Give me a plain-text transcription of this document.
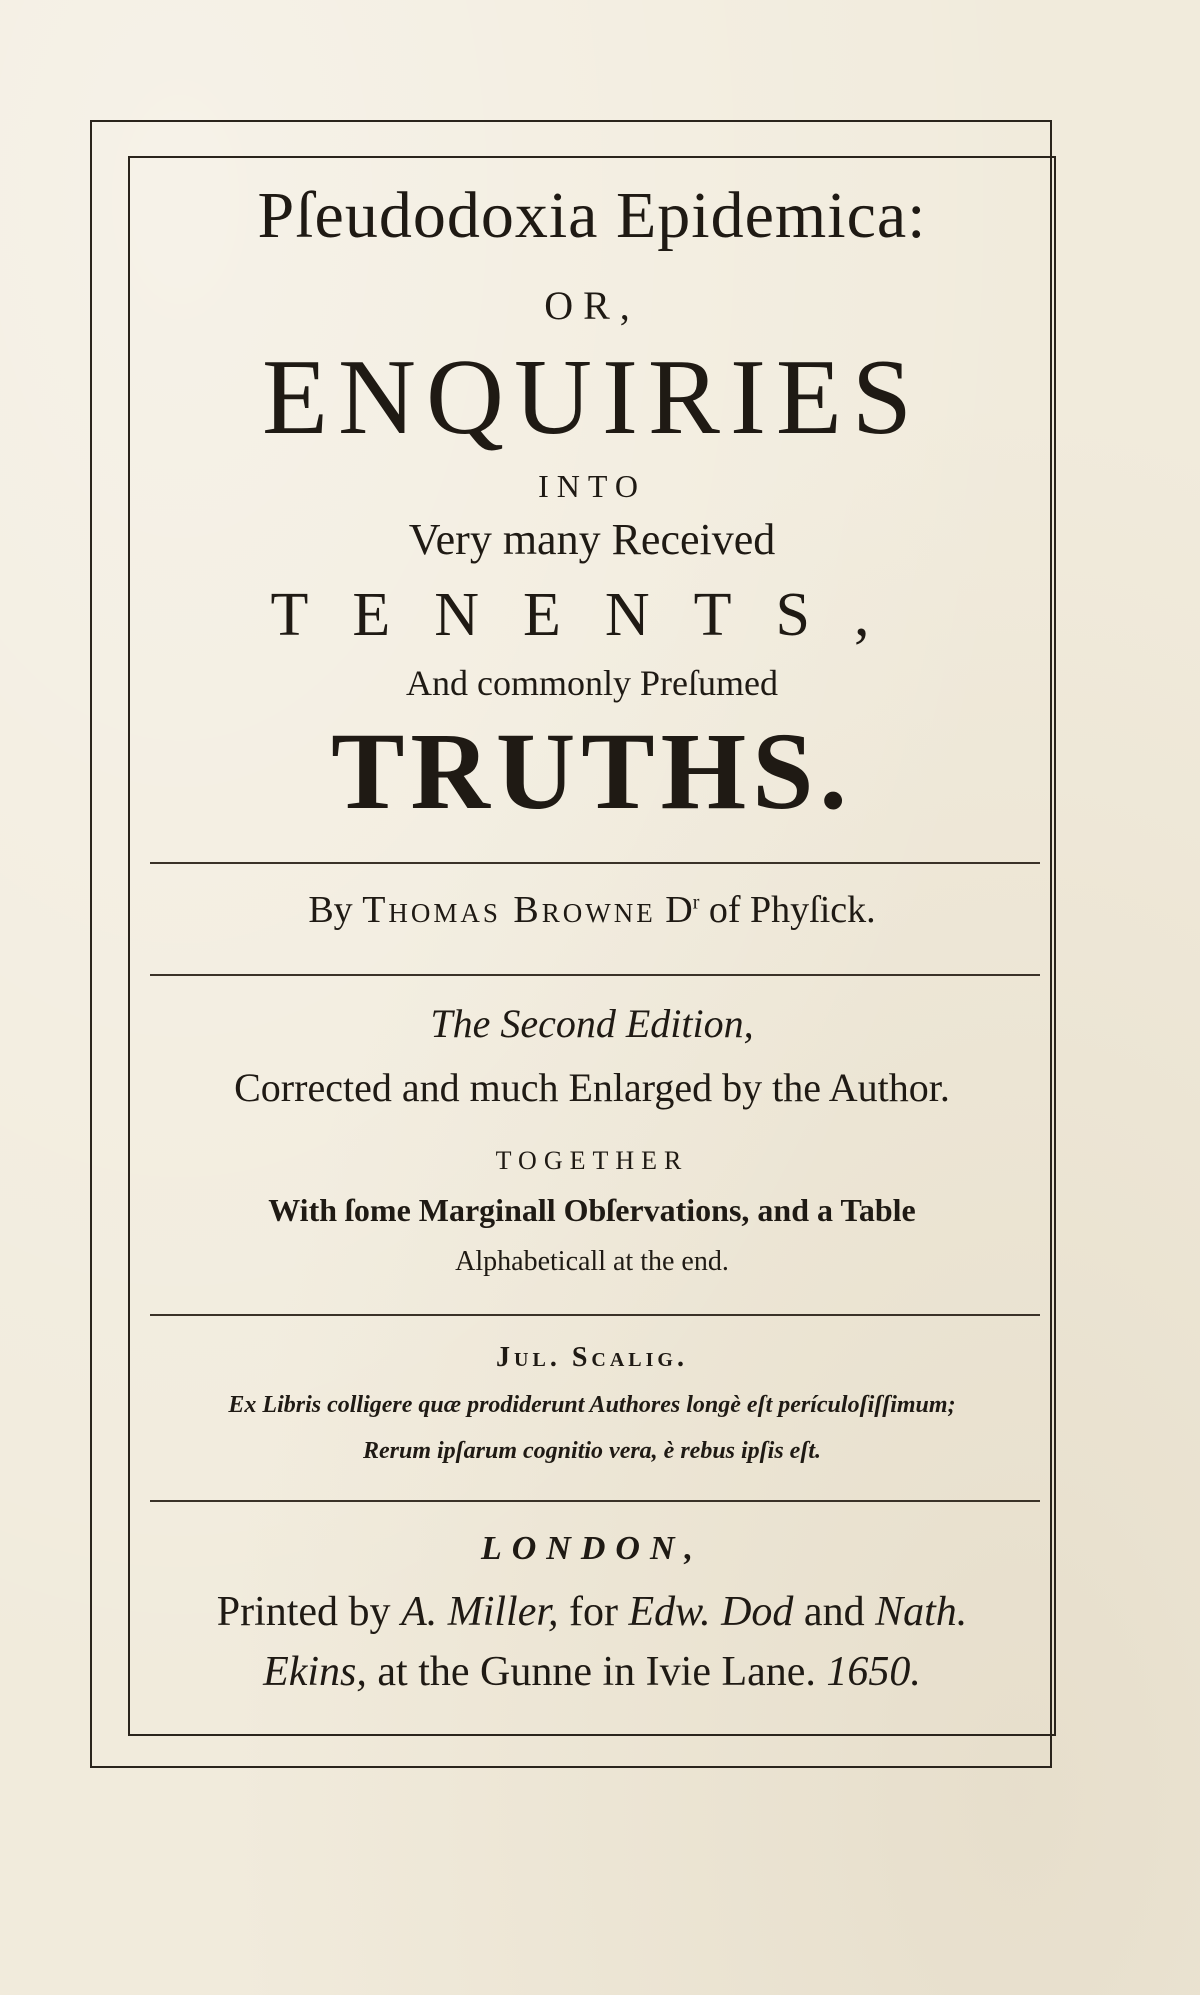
Pſeudodoxia Epidemica:
OR,
ENQUIRIES
INTO
Very many Received
TENENTS,
And commonly Preſumed
TRUTHS.
By Thomas Browne $D^r$ of Phyſick.
The Second Edition,
Corrected and much Enlarged by the Author.
TOGETHER
With ſome Marginall Obſervations, and a Table
Alphabeticall at the end.
Jul. Scalig.
Ex Libris colligere quæ prodiderunt Authores longè eſt perículoſiſſimum;
Rerum ipſarum cognitio vera, è rebus ipſis eſt.
LONDON,
Printed by A. Miller, for Edw. Dod and Nath.
Ekins, at the Gunne in Ivie Lane. 1650.
